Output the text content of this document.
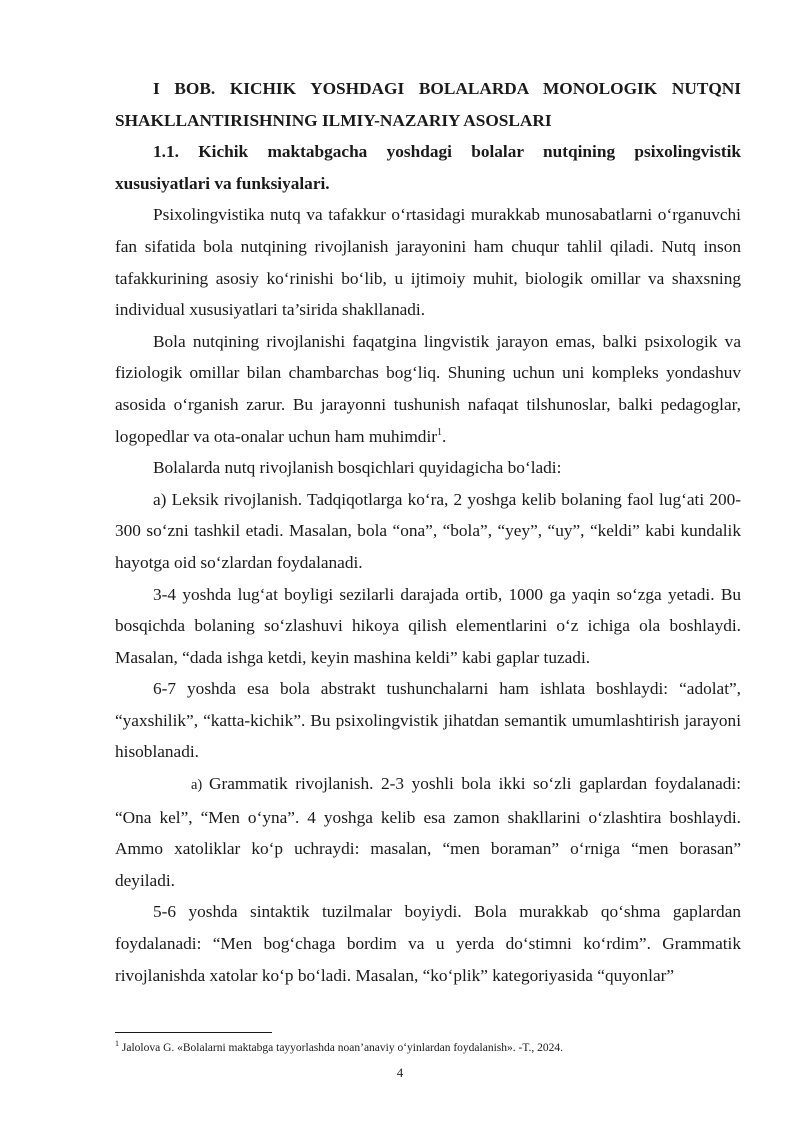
I BOB. KICHIK YOSHDAGI BOLALARDA MONOLOGIK NUTQNI SHAKLLANTIRISHNING ILMIY-NAZARIY ASOSLARI

1.1. Kichik maktabgacha yoshdagi bolalar nutqining psixolingvistik xususiyatlari va funksiyalari.

Psixolingvistika nutq va tafakkur o‘rtasidagi murakkab munosabatlarni o‘rganuvchi fan sifatida bola nutqining rivojlanish jarayonini ham chuqur tahlil qiladi. Nutq inson tafakkurining asosiy ko‘rinishi bo‘lib, u ijtimoiy muhit, biologik omillar va shaxsning individual xususiyatlari ta’sirida shakllanadi.

Bola nutqining rivojlanishi faqatgina lingvistik jarayon emas, balki psixologik va fiziologik omillar bilan chambarchas bog‘liq. Shuning uchun uni kompleks yondashuv asosida o‘rganish zarur. Bu jarayonni tushunish nafaqat tilshunoslar, balki pedagoglar, logopedlar va ota-onalar uchun ham muhimdir$^1$.

Bolalarda nutq rivojlanish bosqichlari quyidagicha bo‘ladi:

a) Leksik rivojlanish. Tadqiqotlarga ko‘ra, 2 yoshga kelib bolaning faol lug‘ati 200-300 so‘zni tashkil etadi. Masalan, bola “ona”, “bola”, “yey”, “uy”, “keldi” kabi kundalik hayotga oid so‘zlardan foydalanadi.

3-4 yoshda lug‘at boyligi sezilarli darajada ortib, 1000 ga yaqin so‘zga yetadi. Bu bosqichda bolaning so‘zlashuvi hikoya qilish elementlarini o‘z ichiga ola boshlaydi. Masalan, “dada ishga ketdi, keyin mashina keldi” kabi gaplar tuzadi.

6-7 yoshda esa bola abstrakt tushunchalarni ham ishlata boshlaydi: “adolat”, “yaxshilik”, “katta-kichik”. Bu psixolingvistik jihatdan semantik umumlashtirish jarayoni hisoblanadi.

a) Grammatik rivojlanish. 2-3 yoshli bola ikki so‘zli gaplardan foydalanadi: “Ona kel”, “Men o‘yna”. 4 yoshga kelib esa zamon shakllarini o‘zlashtira boshlaydi. Ammo xatoliklar ko‘p uchraydi: masalan, “men boraman” o‘rniga “men borasan” deyiladi.

5-6 yoshda sintaktik tuzilmalar boyiydi. Bola murakkab qo‘shma gaplardan foydalanadi: “Men bog‘chaga bordim va u yerda do‘stimni ko‘rdim”. Grammatik rivojlanishda xatolar ko‘p bo‘ladi. Masalan, “ko‘plik” kategoriyasida “quyonlar”

$^1$ Jalolova G. «Bolalarni maktabga tayyorlashda noan’anaviy o‘yinlardan foydalanish». -T., 2024.
4
